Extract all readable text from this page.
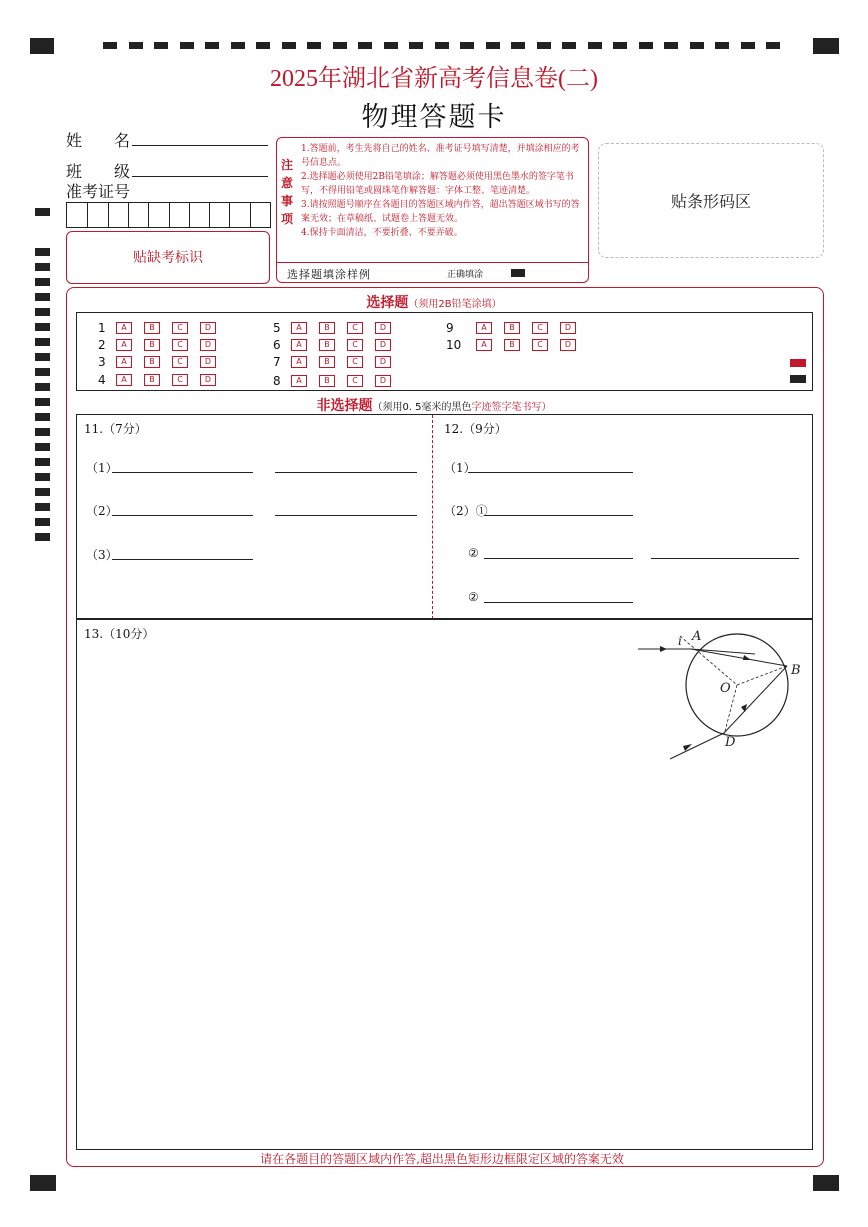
2025年湖北省新高考信息卷(二)
物理答题卡
姓　　名
班　　级
准考证号
贴缺考标识
注
意
事
项
1.答题前，考生先将自己的姓名、准考证号填写清楚，并填涂相应的考号信息点。
2.选择题必须使用2B铅笔填涂；解答题必须使用黑色墨水的签字笔书写，不得用铅笔或圆珠笔作解答题：字体工整、笔迹清楚。
3.请按照题号顺序在各题目的答题区域内作答，超出答题区域书写的答案无效；在草稿纸、试题卷上答题无效。
4.保持卡面清洁，不要折叠、不要弄破。
选择题填涂样例	正确填涂
贴条形码区
选择题（须用2B铅笔涂填）
1 A	B	C	D
2 A	B	C	D
3 A	B	C	D
4 A	B	C	D
5 A	B	C	D
6 A	B	C	D
7 A	B	C	D
8 A	B	C	D
9	A	B	C	D
10 A	B	C	D
非选择题（须用0. 5毫米的黑色字迹签字笔书写）
11.（7分）
（1）
（2）
（3）
12.（9分）
（1）
（2）①
②
②
13.（10分）	i A
B
O
D
请在各题目的答题区域内作答,超出黑色矩形边框限定区域的答案无效
